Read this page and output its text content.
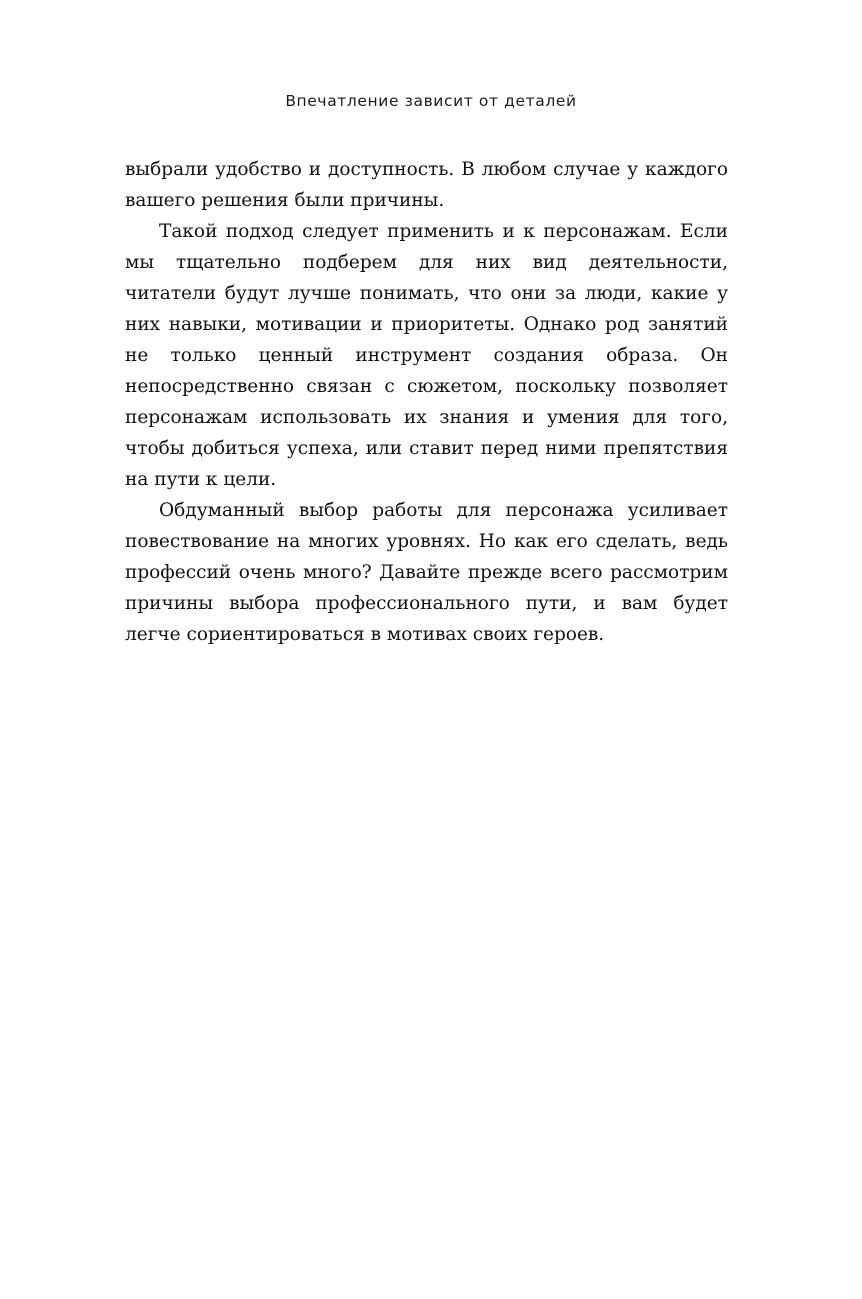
Впечатление зависит от деталей

выбрали удобство и доступность. В любом случае у каждого вашего решения были причины.

Такой подход следует применить и к персонажам. Если мы тщательно подберем для них вид деятельности, читатели будут лучше понимать, что они за люди, какие у них навыки, мотивации и приоритеты. Однако род занятий не только ценный инструмент создания образа. Он непосредственно связан с сюжетом, поскольку позволяет персонажам использовать их знания и умения для того, чтобы добиться успеха, или ставит перед ними препятствия на пути к цели.

Обдуманный выбор работы для персонажа усиливает повествование на многих уровнях. Но как его сделать, ведь профессий очень много? Давайте прежде всего рассмотрим причины выбора профессионального пути, и вам будет легче сориентироваться в мотивах своих героев.
